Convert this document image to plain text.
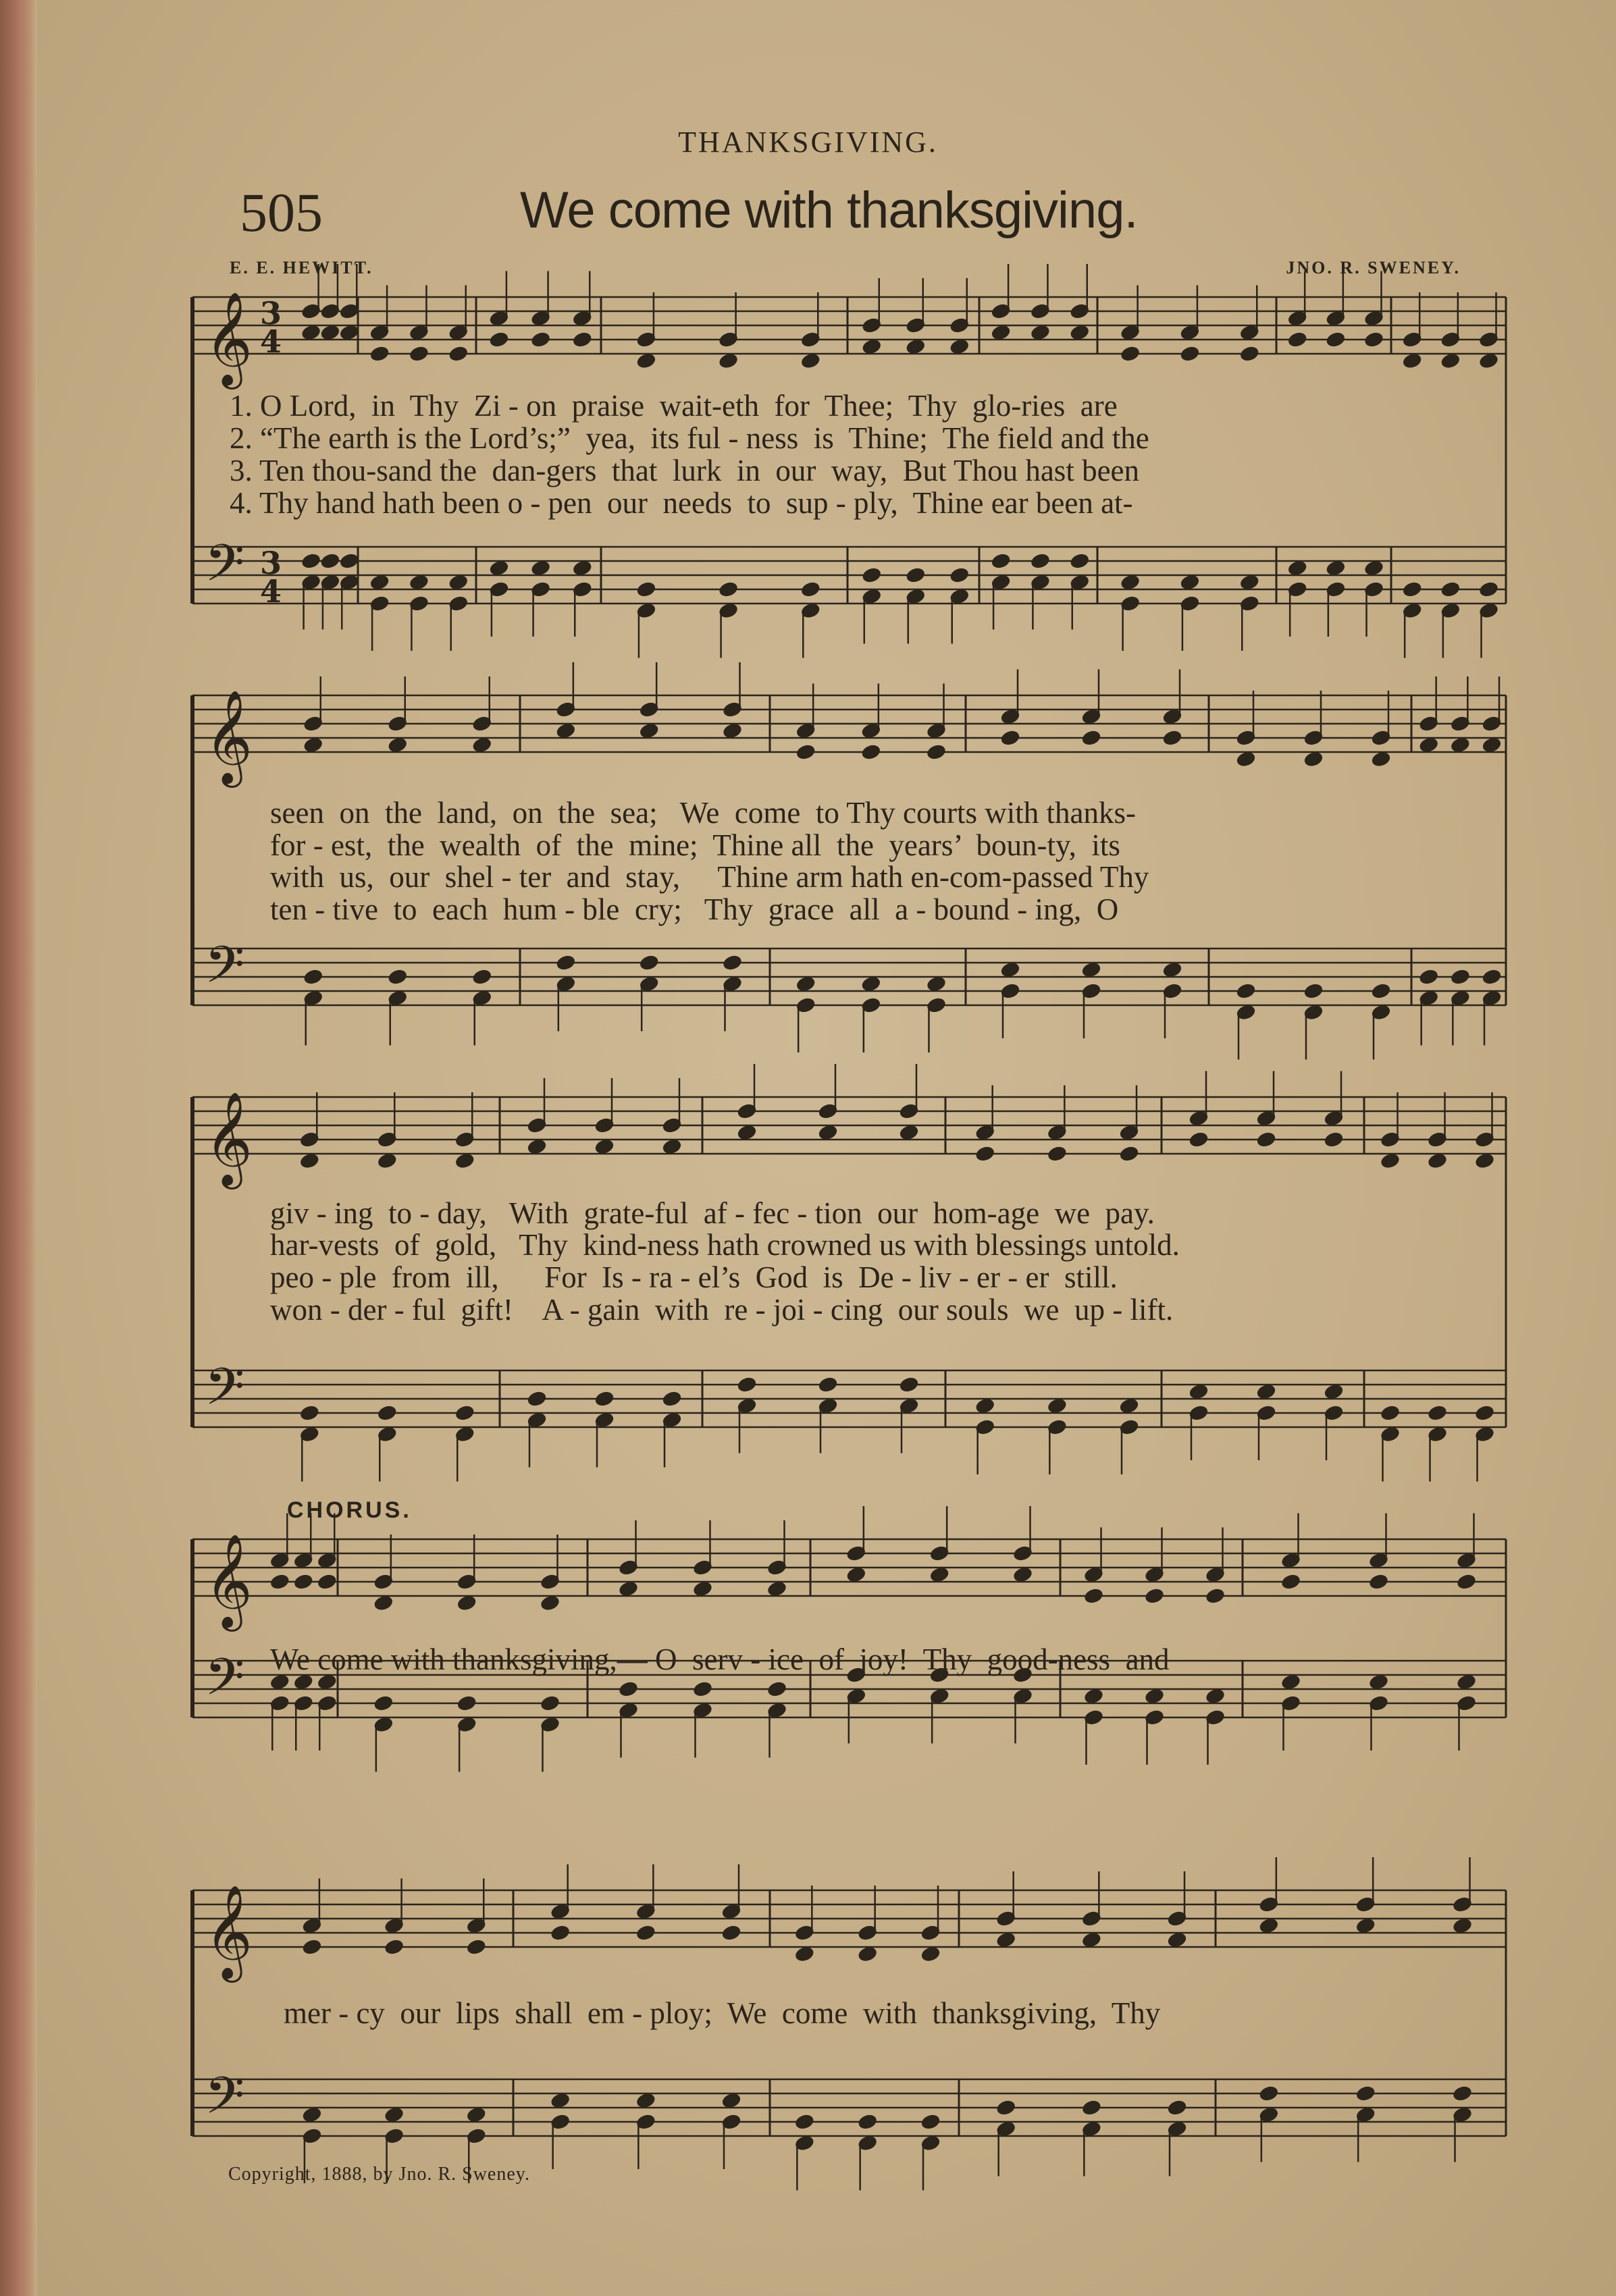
THANKSGIVING.
505	We come with thanksgiving.
E. E. HEWITT.	JNO. R. SWENEY.
𝄞
𝄢
3
4
3
4
𝄞
𝄢
𝄞
𝄢
𝄞
𝄢
𝄞
𝄢
1. O Lord,  in  Thy  Zi - on  praise  wait-eth  for  Thee;  Thy  glo-ries  are
2. “The earth is the Lord’s;”  yea,  its ful - ness  is  Thine;  The field and the
3. Ten thou-sand the  dan-gers  that  lurk  in  our  way,  But Thou hast been
4. Thy hand hath been o - pen  our  needs  to  sup - ply,  Thine ear been at-
seen  on  the  land,  on  the  sea;   We  come  to Thy courts with thanks-
for - est,  the  wealth  of  the  mine;  Thine all  the  years’  boun-ty,  its
with  us,  our  shel - ter  and  stay,     Thine arm hath en-com-passed Thy
ten - tive  to  each  hum - ble  cry;   Thy  grace  all  a - bound - ing,  O
giv - ing  to - day,   With  grate-ful  af - fec - tion  our  hom-age  we  pay.
har-vests  of  gold,   Thy  kind-ness hath crowned us with blessings untold.
peo - ple  from  ill,      For  Is - ra - el’s  God  is  De - liv - er - er  still.
won - der - ful  gift!    A - gain  with  re - joi - cing  our souls  we  up - lift.
CHORUS.
We come with thanksgiving,— O  serv - ice  of  joy!  Thy  good-ness  and
mer - cy  our  lips  shall  em - ploy;  We  come  with  thanksgiving,  Thy
Copyright, 1888, by Jno. R. Sweney.
